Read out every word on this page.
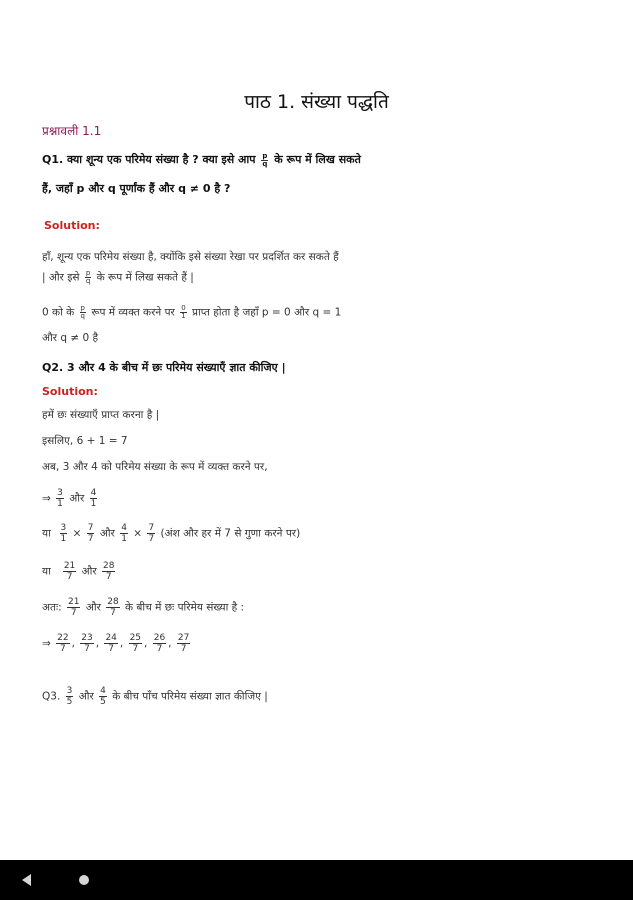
पाठ 1. संख्या पद्धति
प्रश्नावली 1.1
Q1. क्या शून्य एक परिमेय संख्या है ? क्या इसे आप $\frac{p}{q}$ के रूप में लिख सकते
हैं, जहाँ p और q पूर्णांक हैं और q ≠ 0 है ?
Solution:
हाँ, शून्य एक परिमेय संख्या है, क्योंकि इसे संख्या रेखा पर प्रदर्शित कर सकते हैं
| और इसे $\frac{p}{q}$ के रूप में लिख सकते हैं |
0 को के $\frac{p}{q}$ रूप में व्यक्त करने पर $\frac{0}{1}$ प्राप्त होता है जहाँ p = 0 और q = 1
और q ≠ 0 है
Q2. 3 और 4 के बीच में छः परिमेय संख्याएँ ज्ञात कीजिए |
Solution:
हमें छः संख्याएँ प्राप्त करना है |
इसलिए, 6 + 1 = 7
अब, 3 और 4 को परिमेय संख्या के रूप में व्यक्त करने पर,
⇒ $\frac{3}{1}$ और $\frac{4}{1}$
या $\frac{3}{1} \times \frac{7}{7}$ और $\frac{4}{1} \times \frac{7}{7}$ (अंश और हर में 7 से गुणा करने पर)
या $\frac{21}{7}$ और $\frac{28}{7}$
अतः: $\frac{21}{7}$ और $\frac{28}{7}$ के बीच में छः परिमेय संख्या है :
⇒ $\frac{22}{7}$ , $\frac{23}{7}$ , $\frac{24}{7}$ , $\frac{25}{7}$ , $\frac{26}{7}$ , $\frac{27}{7}$
Q3. $\frac{3}{5}$ और $\frac{4}{5}$ के बीच पाँच परिमेय संख्या ज्ञात कीजिए |
